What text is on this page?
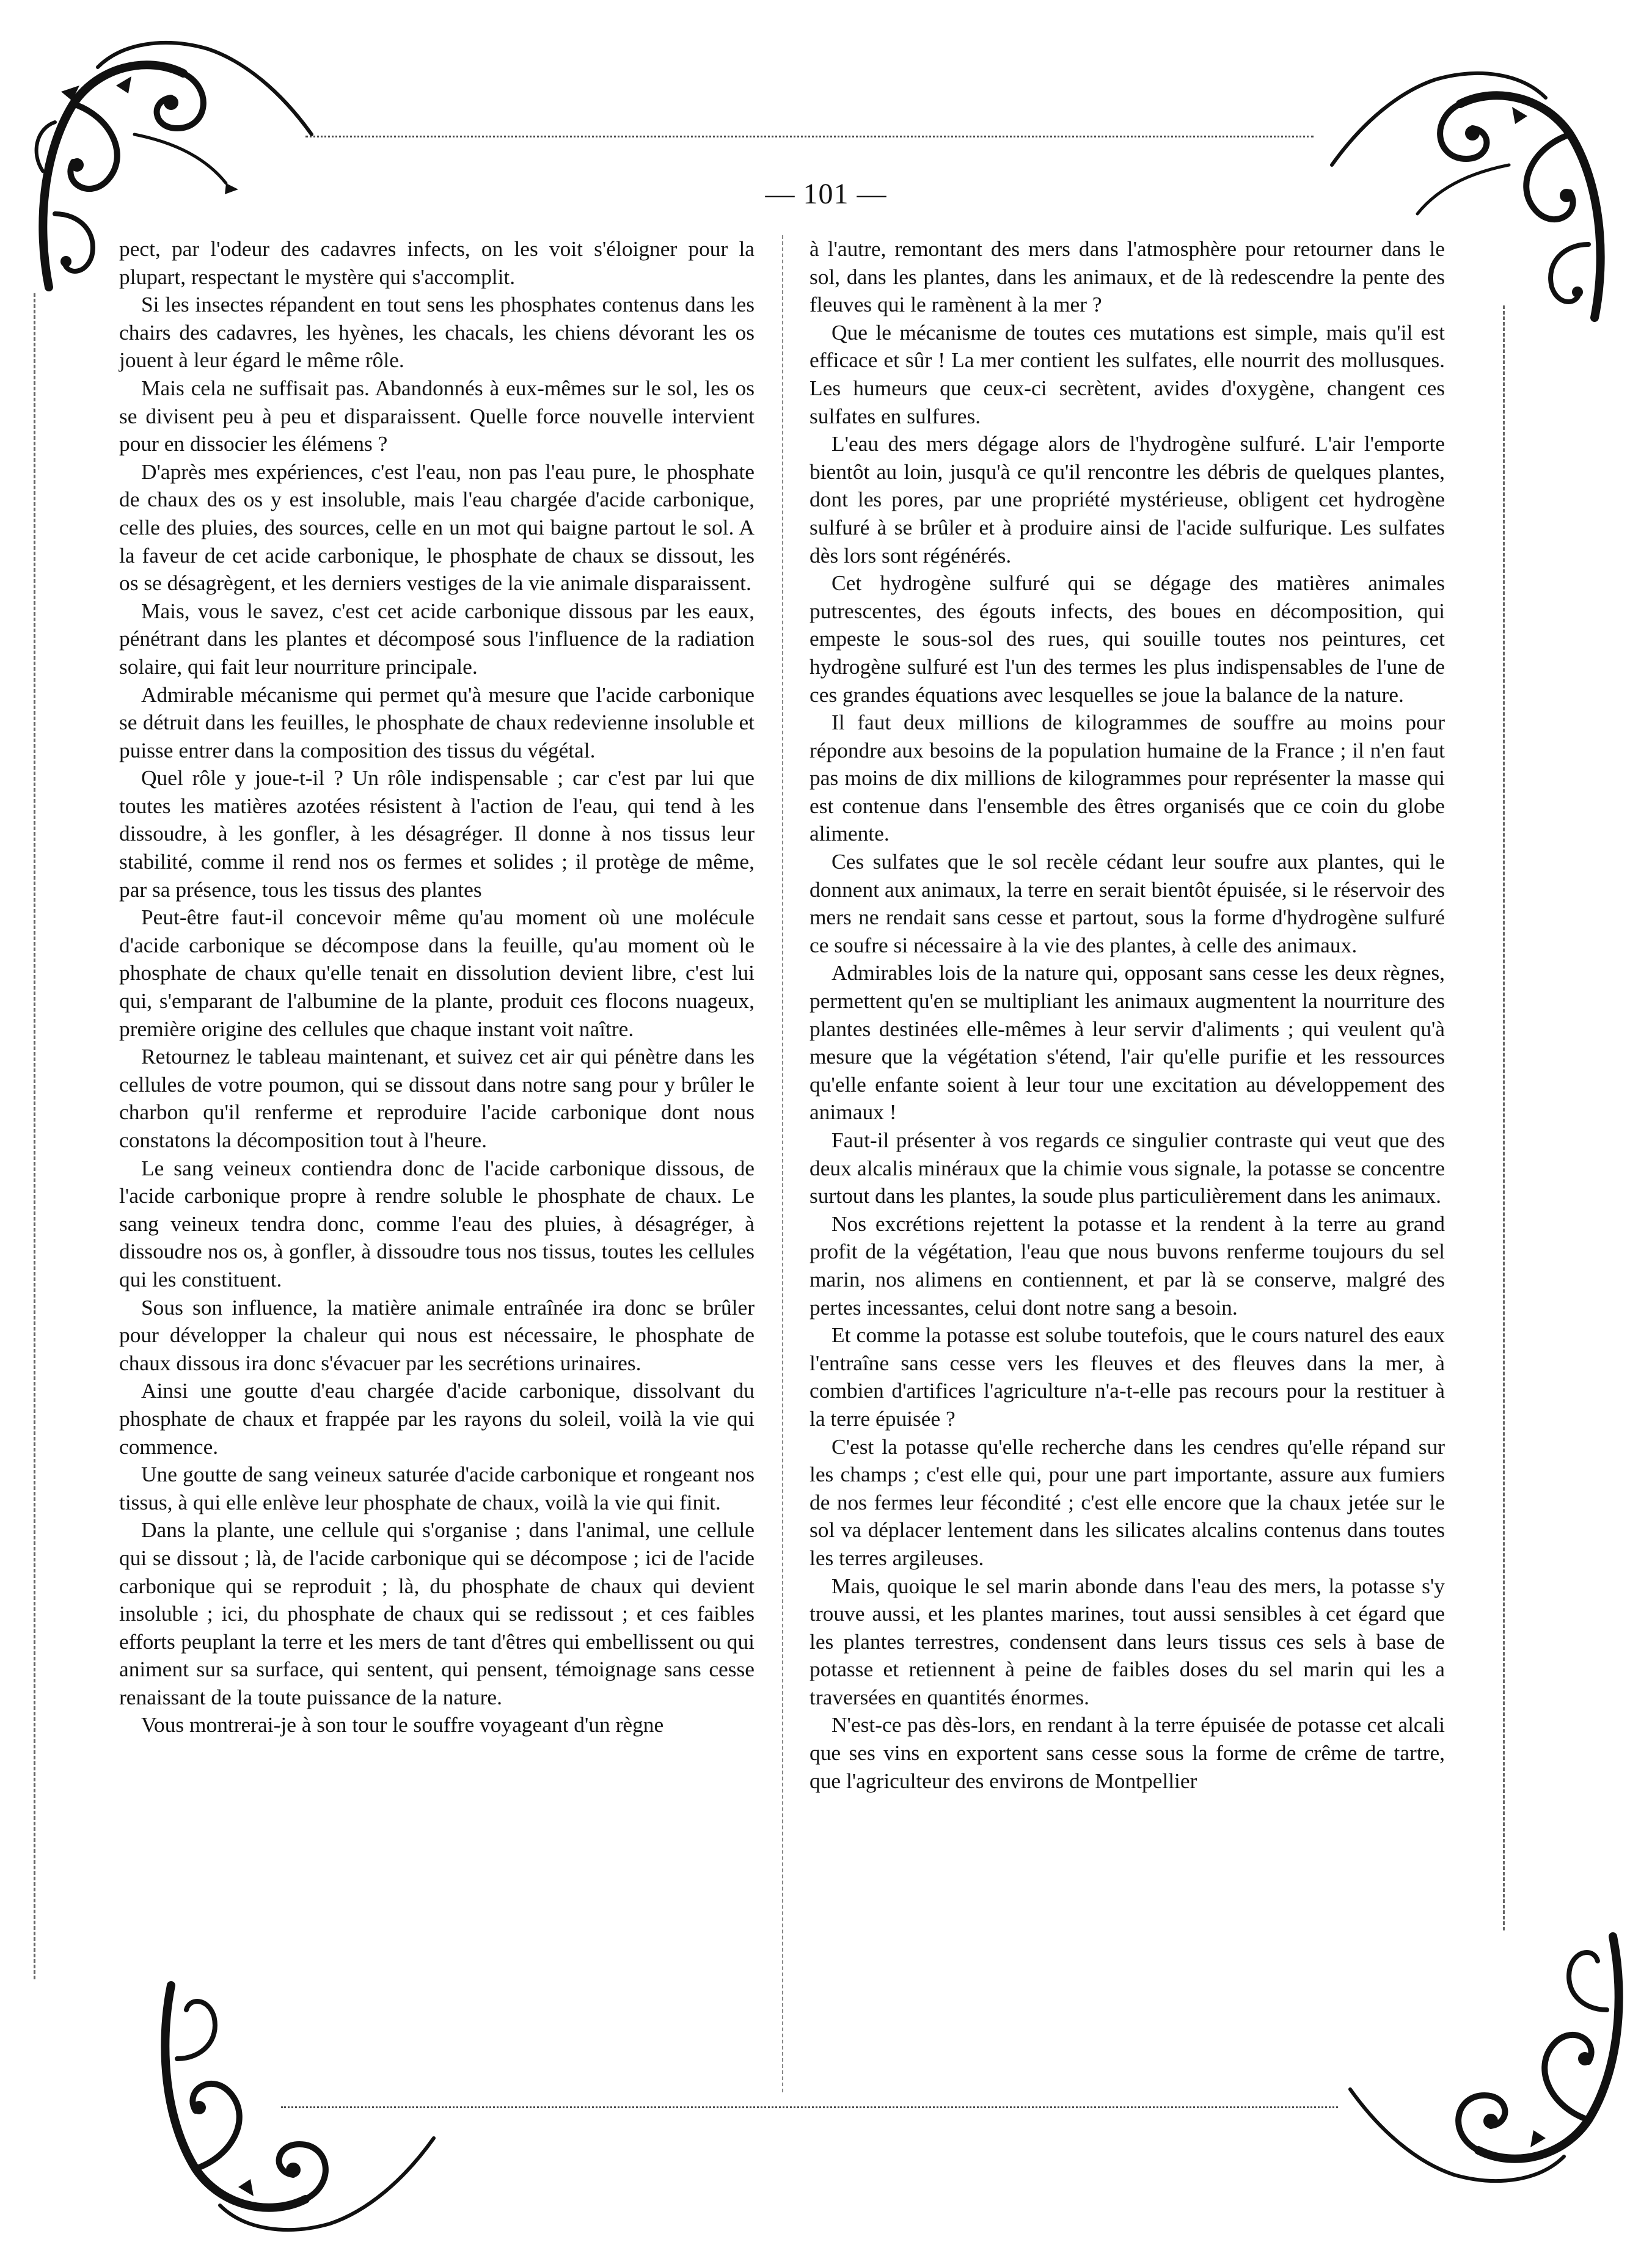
— 101 —

pect, par l'odeur des cadavres infects, on les voit s'éloigner pour la plupart, respectant le mystère qui s'accomplit.

Si les insectes répandent en tout sens les phosphates contenus dans les chairs des cadavres, les hyènes, les chacals, les chiens dévorant les os jouent à leur égard le même rôle.

Mais cela ne suffisait pas. Abandonnés à eux-mêmes sur le sol, les os se divisent peu à peu et disparaissent. Quelle force nouvelle intervient pour en dissocier les élémens ?

D'après mes expériences, c'est l'eau, non pas l'eau pure, le phosphate de chaux des os y est insoluble, mais l'eau chargée d'acide carbonique, celle des pluies, des sources, celle en un mot qui baigne partout le sol. A la faveur de cet acide carbonique, le phosphate de chaux se dissout, les os se désagrègent, et les derniers vestiges de la vie animale disparaissent.

Mais, vous le savez, c'est cet acide carbonique dissous par les eaux, pénétrant dans les plantes et décomposé sous l'influence de la radiation solaire, qui fait leur nourriture principale.

Admirable mécanisme qui permet qu'à mesure que l'acide carbonique se détruit dans les feuilles, le phosphate de chaux redevienne insoluble et puisse entrer dans la composition des tissus du végétal.

Quel rôle y joue-t-il ? Un rôle indispensable ; car c'est par lui que toutes les matières azotées résistent à l'action de l'eau, qui tend à les dissoudre, à les gonfler, à les désagréger. Il donne à nos tissus leur stabilité, comme il rend nos os fermes et solides ; il protège de même, par sa présence, tous les tissus des plantes

Peut-être faut-il concevoir même qu'au moment où une molécule d'acide carbonique se décompose dans la feuille, qu'au moment où le phosphate de chaux qu'elle tenait en dissolution devient libre, c'est lui qui, s'emparant de l'albumine de la plante, produit ces flocons nuageux, première origine des cellules que chaque instant voit naître.

Retournez le tableau maintenant, et suivez cet air qui pénètre dans les cellules de votre poumon, qui se dissout dans notre sang pour y brûler le charbon qu'il renferme et reproduire l'acide carbonique dont nous constatons la décomposition tout à l'heure.

Le sang veineux contiendra donc de l'acide carbonique dissous, de l'acide carbonique propre à rendre soluble le phosphate de chaux. Le sang veineux tendra donc, comme l'eau des pluies, à désagréger, à dissoudre nos os, à gonfler, à dissoudre tous nos tissus, toutes les cellules qui les constituent.

Sous son influence, la matière animale entraînée ira donc se brûler pour développer la chaleur qui nous est nécessaire, le phosphate de chaux dissous ira donc s'évacuer par les secrétions urinaires.

Ainsi une goutte d'eau chargée d'acide carbonique, dissolvant du phosphate de chaux et frappée par les rayons du soleil, voilà la vie qui commence.

Une goutte de sang veineux saturée d'acide carbonique et rongeant nos tissus, à qui elle enlève leur phosphate de chaux, voilà la vie qui finit.

Dans la plante, une cellule qui s'organise ; dans l'animal, une cellule qui se dissout ; là, de l'acide carbonique qui se décompose ; ici de l'acide carbonique qui se reproduit ; là, du phosphate de chaux qui devient insoluble ; ici, du phosphate de chaux qui se redissout ; et ces faibles efforts peuplant la terre et les mers de tant d'êtres qui embellissent ou qui animent sur sa surface, qui sentent, qui pensent, témoignage sans cesse renaissant de la toute puissance de la nature.

Vous montrerai-je à son tour le souffre voyageant d'un règne

à l'autre, remontant des mers dans l'atmosphère pour retourner dans le sol, dans les plantes, dans les animaux, et de là redescendre la pente des fleuves qui le ramènent à la mer ?

Que le mécanisme de toutes ces mutations est simple, mais qu'il est efficace et sûr ! La mer contient les sulfates, elle nourrit des mollusques. Les humeurs que ceux-ci secrètent, avides d'oxygène, changent ces sulfates en sulfures.

L'eau des mers dégage alors de l'hydrogène sulfuré. L'air l'emporte bientôt au loin, jusqu'à ce qu'il rencontre les débris de quelques plantes, dont les pores, par une propriété mystérieuse, obligent cet hydrogène sulfuré à se brûler et à produire ainsi de l'acide sulfurique. Les sulfates dès lors sont régénérés.

Cet hydrogène sulfuré qui se dégage des matières animales putrescentes, des égouts infects, des boues en décomposition, qui empeste le sous-sol des rues, qui souille toutes nos peintures, cet hydrogène sulfuré est l'un des termes les plus indispensables de l'une de ces grandes équations avec lesquelles se joue la balance de la nature.

Il faut deux millions de kilogrammes de souffre au moins pour répondre aux besoins de la population humaine de la France ; il n'en faut pas moins de dix millions de kilogrammes pour représenter la masse qui est contenue dans l'ensemble des êtres organisés que ce coin du globe alimente.

Ces sulfates que le sol recèle cédant leur soufre aux plantes, qui le donnent aux animaux, la terre en serait bientôt épuisée, si le réservoir des mers ne rendait sans cesse et partout, sous la forme d'hydrogène sulfuré ce soufre si nécessaire à la vie des plantes, à celle des animaux.

Admirables lois de la nature qui, opposant sans cesse les deux règnes, permettent qu'en se multipliant les animaux augmentent la nourriture des plantes destinées elle-mêmes à leur servir d'aliments ; qui veulent qu'à mesure que la végétation s'étend, l'air qu'elle purifie et les ressources qu'elle enfante soient à leur tour une excitation au développement des animaux !

Faut-il présenter à vos regards ce singulier contraste qui veut que des deux alcalis minéraux que la chimie vous signale, la potasse se concentre surtout dans les plantes, la soude plus particulièrement dans les animaux.

Nos excrétions rejettent la potasse et la rendent à la terre au grand profit de la végétation, l'eau que nous buvons renferme toujours du sel marin, nos alimens en contiennent, et par là se conserve, malgré des pertes incessantes, celui dont notre sang a besoin.

Et comme la potasse est solube toutefois, que le cours naturel des eaux l'entraîne sans cesse vers les fleuves et des fleuves dans la mer, à combien d'artifices l'agriculture n'a-t-elle pas recours pour la restituer à la terre épuisée ?

C'est la potasse qu'elle recherche dans les cendres qu'elle répand sur les champs ; c'est elle qui, pour une part importante, assure aux fumiers de nos fermes leur fécondité ; c'est elle encore que la chaux jetée sur le sol va déplacer lentement dans les silicates alcalins contenus dans toutes les terres argileuses.

Mais, quoique le sel marin abonde dans l'eau des mers, la potasse s'y trouve aussi, et les plantes marines, tout aussi sensibles à cet égard que les plantes terrestres, condensent dans leurs tissus ces sels à base de potasse et retiennent à peine de faibles doses du sel marin qui les a traversées en quantités énormes.

N'est-ce pas dès-lors, en rendant à la terre épuisée de potasse cet alcali que ses vins en exportent sans cesse sous la forme de crême de tartre, que l'agriculteur des environs de Montpellier
